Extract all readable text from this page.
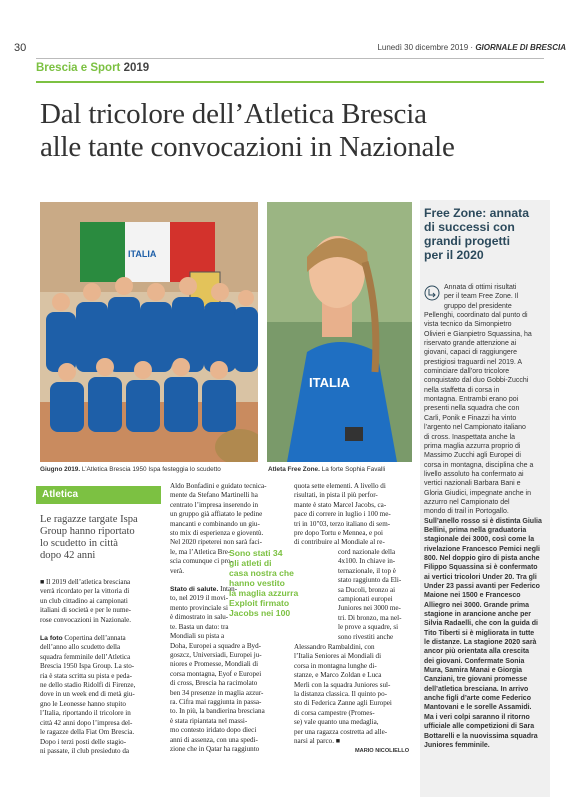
30	Lunedì 30 dicembre 2019 · GIORNALE DI BRESCIA
Brescia e Sport 2019
Dal tricolore dell’Atletica Brescia
alle tante convocazioni in Nazionale
ITALIA
Giugno 2019. L’Atletica Brescia 1950 Ispa festeggia lo scudetto
ITALIA
Atleta Free Zone. La forte Sophia Favalli
Atletica
Le ragazze targate Ispa
Group hanno riportato
lo scudetto in città
dopo 42 anni
■ Il 2019 dell’atletica bresciana
verrà ricordato per la vittoria di
un club cittadino ai campionati
italiani di società e per le nume-
rose convocazioni in Nazionale.
La foto Copertina dell’annata
dell’anno allo scudetto della
squadra femminile dell’Atletica
Brescia 1950 Ispa Group. La sto-
ria è stata scritta su pista e peda-
ne dello stadio Ridolfi di Firenze,
dove in un week end di metà giu-
gno le Leonesse hanno stupito
l’Italia, riportando il tricolore in
città 42 anni dopo l’impresa del-
le ragazze della Fiat Om Brescia.
Dopo i terzi posti delle stagio-
ni passate, il club presieduto da
Aldo Bonfadini e guidato tecnica-
mente da Stefano Martinelli ha
centrato l’impresa inserendo in
un gruppo già affiatato le pedine
mancanti e combinando un giu-
sto mix di esperienza e gioventù.
Nel 2020 ripeterei non sarà faci-
le, ma l’Atletica Bre-
scia comunque ci pro-
verà.
Stato di salute. Intan-
to, nel 2019 il movi-
mento provinciale si
è dimostrato in salu-
te. Basta un dato: tra
Mondiali su pista a
Doha, Europei a squadre a Byd-
goszcz, Universiadi, Europei ju-
niores e Promesse, Mondiali di
corsa montagna, Eyof e Europei
di cross, Brescia ha racimolato
ben 34 presenze in maglia azzur-
ra. Cifra mai raggiunta in passa-
to. In più, la bandierina bresciana
è stata ripiantata nel massi-
mo contesto iridato dopo dieci
anni di assenza, con una spedi-
zione che in Qatar ha raggiunto
Sono stati 34
gli atleti di
casa nostra che
hanno vestito
la maglia azzurra
Exploit firmato
Jacobs nei 100
quota sette elementi. A livello di
risultati, in pista il più perfor-
mante è stato Marcel Jacobs, ca-
pace di correre in luglio i 100 me-
tri in 10"03, terzo italiano di sem-
pre dopo Tortu e Mennea, e poi
di contribuire al Mondiale al re-
cord nazionale della
4x100. In chiave in-
ternazionale, il top è
stato raggiunto da Eli-
sa Ducoli, bronzo ai
campionati europei
Juniores nei 3000 me-
tri. Di bronzo, ma nel-
le prove a squadre, si
sono rivestiti anche
Alessandro Rambaldini, con
l’Italia Seniores ai Mondiali di
corsa in montagna lunghe di-
stanze, e Marco Zoldan e Luca
Merli con la squadra Juniores sul-
la distanza classica. Il quinto po-
sto di Federica Zanne agli Europei
di corsa campestre (Promes-
se) vale quanto una medaglia,
per una ragazza costretta ad alle-
narsi al parco. ■
MARIO NICOLIELLO
Free Zone: annata
di successi con
grandi progetti
per il 2020
Annata di ottimi risultati
per il team Free Zone. Il
gruppo del presidente
Pellenghi, coordinato dal punto di
vista tecnico da Simonpietro
Olivieri e Gianpietro Squassina, ha
riservato grande attenzione ai
giovani, capaci di raggiungere
prestigiosi traguardi nel 2019. A
cominciare dall’oro tricolore
conquistato dal duo Gobbi-Zucchi
nella staffetta di corsa in
montagna. Entrambi erano poi
presenti nella squadra che con
Carli, Ponik e Finazzi ha vinto
l’argento nel Campionato italiano
di cross. Inaspettata anche la
prima maglia azzurra proprio di
Massimo Zucchi agli Europei di
corsa in montagna, disciplina che a
livello assoluto ha confermato ai
vertici nazionali Barbara Bani e
Gloria Giudici, impegnate anche in
azzurro nel Campionato del
mondo di trail in Portogallo.
Sull’anello rosso si è distinta Giulia
Bellini, prima nella graduatoria
stagionale dei 3000, così come la
rivelazione Francesco Pemici negli
800. Nel doppio giro di pista anche
Filippo Squassina si è confermato
ai vertici tricolori Under 20. Tra gli
Under 23 passi avanti per Federico
Maione nei 1500 e Francesco
Alliegro nei 3000. Grande prima
stagione in arancione anche per
Silvia Radaelli, che con la guida di
Tito Tiberti si è migliorata in tutte
le distanze. La stagione 2020 sarà
ancor più orientata alla crescita
dei giovani. Confermate Sonia
Mura, Samira Manai e Giorgia
Canziani, tre giovani promesse
dell’atletica bresciana. In arrivo
anche figli d’arte come Federico
Mantovani e le sorelle Assamidi.
Ma i veri colpi saranno il ritorno
ufficiale alle competizioni di Sara
Bottarelli e la nuovissima squadra
Juniores femminile.
